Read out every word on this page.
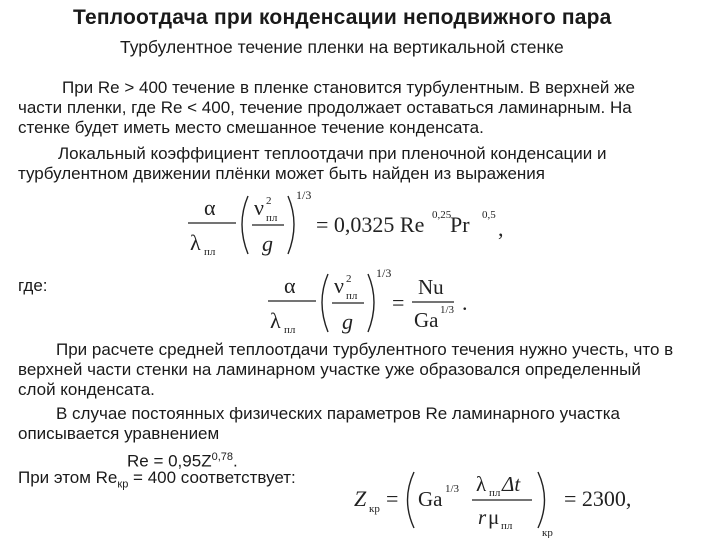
Теплоотдача при конденсации неподвижного пара
Турбулентное течение пленки на вертикальной стенке
При Re > 400 течение в пленке становится турбулентным. В верхней же
части пленки, где Re < 400, течение продолжает оставаться ламинарным. На
стенке будет иметь место смешанное течение конденсата.
Локальный коэффициент теплоотдачи при пленочной конденсации и
турбулентном движении плёнки может быть найден из выражения
α
λ пл
ν 2
пл
g
1/3
= 0,0325 Re 0,25
Pr 0,5
,
где:	α
λ пл
ν 2
пл
g
1/3
=
Nu
Ga 1/3 .
При расчете средней теплоотдачи турбулентного течения нужно учесть, что в
верхней части стенки на ламинарном участке уже образовался определенный
слой конденсата.
В случае постоянных физических параметров Re ламинарного участка
описывается уравнением
$Re = 0,95Z^{0,78}$.
При этом $Re_{кр} = 400$ соответствует:
Z кр = Ga 1/3 λ пл Δt
r μ пл
кр
= 2300,
